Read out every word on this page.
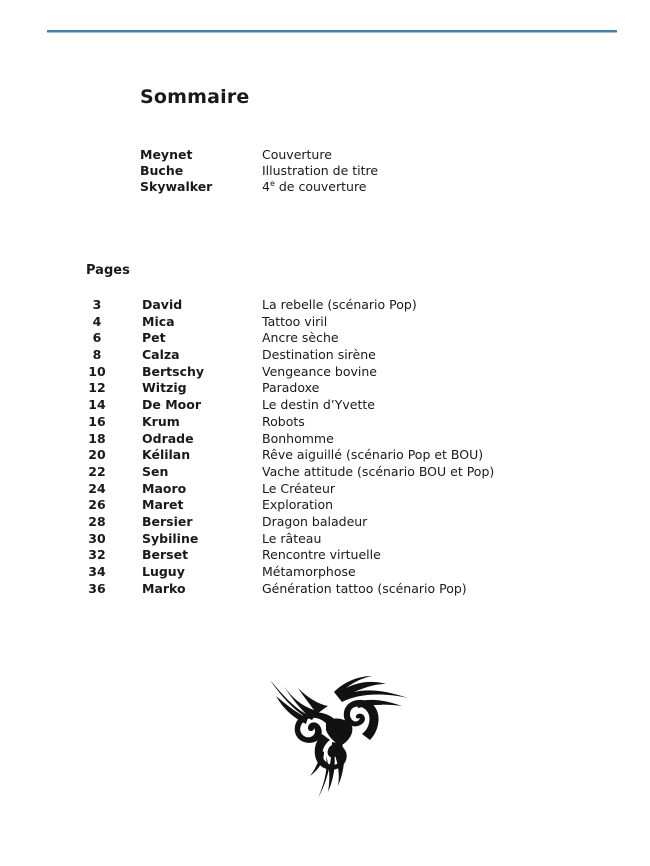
Sommaire
Meynet	Couverture
Buche	Illustration de titre
Skywalker	4e de couverture
Pages
3	David	La rebelle (scénario Pop)
4	Mica	Tattoo viril
6	Pet	Ancre sèche
8	Calza	Destination sirène
10	Bertschy	Vengeance bovine
12	Witzig	Paradoxe
14	De Moor	Le destin d’Yvette
16	Krum	Robots
18	Odrade	Bonhomme
20	Kélilan	Rêve aiguillé (scénario Pop et BOU)
22	Sen	Vache attitude (scénario BOU et Pop)
24	Maoro	Le Créateur
26	Maret	Exploration
28	Bersier	Dragon baladeur
30	Sybiline	Le râteau
32	Berset	Rencontre virtuelle
34	Luguy	Métamorphose
36	Marko	Génération tattoo (scénario Pop)
